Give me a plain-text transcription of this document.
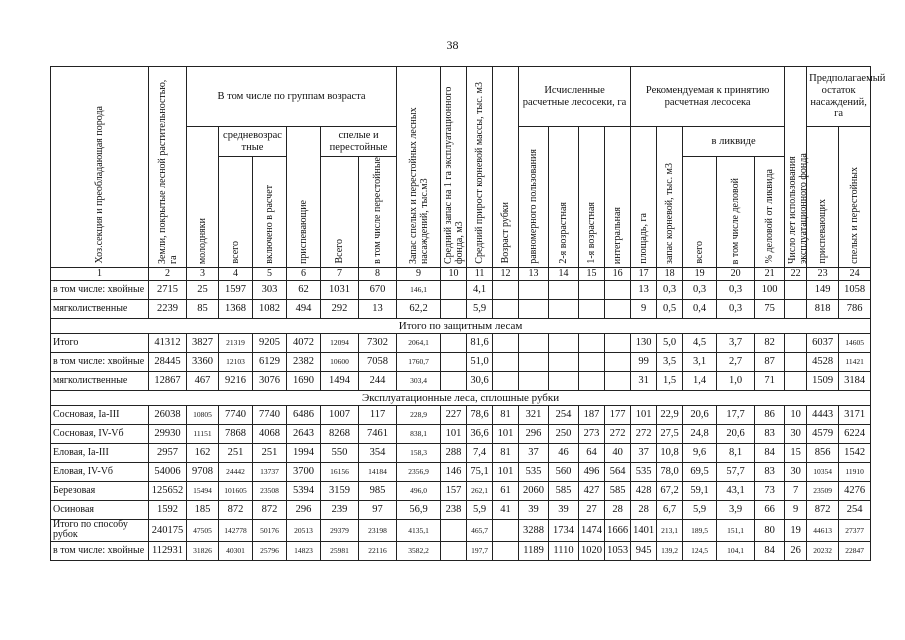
38
Хоз.секция и преобладающая порода	Земли, покрытые лесной растительностью, га	В том числе по группам возраста						Запас спелых и перестойных лесных насаждений, тыс.м3	Средний запас на 1 га эксплуатационного фонда, м3	Средний прирост корневой массы, тыс. м3	Возраст рубки	Исчисленные расчетные лесосеки, га				Рекомендуемая к принятию расчетная лесосека					Число лет использования эксплуатационного фонда	Предполагаемый остаток насаждений, га	
		молодняки	средневозрас тные		приспевающие	спелые и перестойные						равномерного пользования	2-я возрастная	1-я возрастная	интегральная	площадь, га	запас корневой, тыс. м3	в ликвиде				приспевающих	спелых и перестойных
			всего	включено в расчет		Всего	в том числе перестойные											всего	в том числе деловой	% деловой от ликвида			
1	2	3	4	5	6	7	8	9	10	11	12	13	14	15	16	17	18	19	20	21	22	23	24
в том числе: хвойные	2715	25	1597	303	62	1031	670	146,1		4,1						13	0,3	0,3	0,3	100		149	1058
мягколиственные	2239	85	1368	1082	494	292	13	62,2		5,9						9	0,5	0,4	0,3	75		818	786
Итого по защитным лесам																							
Итого	41312	3827	21319	9205	4072	12094	7302	2064,1		81,6						130	5,0	4,5	3,7	82		6037	14605
в том числе: хвойные	28445	3360	12103	6129	2382	10600	7058	1760,7		51,0						99	3,5	3,1	2,7	87		4528	11421
мягколиственные	12867	467	9216	3076	1690	1494	244	303,4		30,6						31	1,5	1,4	1,0	71		1509	3184
Эксплуатационные леса, сплошные рубки																							
Сосновая, Iа-III	26038	10805	7740	7740	6486	1007	117	228,9	227	78,6	81	321	254	187	177	101	22,9	20,6	17,7	86	10	4443	3171
Сосновая, IV-Vб	29930	11151	7868	4068	2643	8268	7461	838,1	101	36,6	101	296	250	273	272	272	27,5	24,8	20,6	83	30	4579	6224
Еловая, Iа-III	2957	162	251	251	1994	550	354	158,3	288	7,4	81	37	46	64	40	37	10,8	9,6	8,1	84	15	856	1542
Еловая, IV-Vб	54006	9708	24442	13737	3700	16156	14184	2356,9	146	75,1	101	535	560	496	564	535	78,0	69,5	57,7	83	30	10354	11910
Березовая	125652	15494	101605	23508	5394	3159	985	496,0	157	262,1	61	2060	585	427	585	428	67,2	59,1	43,1	73	7	23509	4276
Осиновая	1592	185	872	872	296	239	97	56,9	238	5,9	41	39	39	27	28	28	6,7	5,9	3,9	66	9	872	254
Итого по способу рубок	240175	47505	142778	50176	20513	29379	23198	4135,1		465,7		3288	1734	1474	1666	1401	213,1	189,5	151,1	80	19	44613	27377
в том числе: хвойные	112931	31826	40301	25796	14823	25981	22116	3582,2		197,7		1189	1110	1020	1053	945	139,2	124,5	104,1	84	26	20232	22847
